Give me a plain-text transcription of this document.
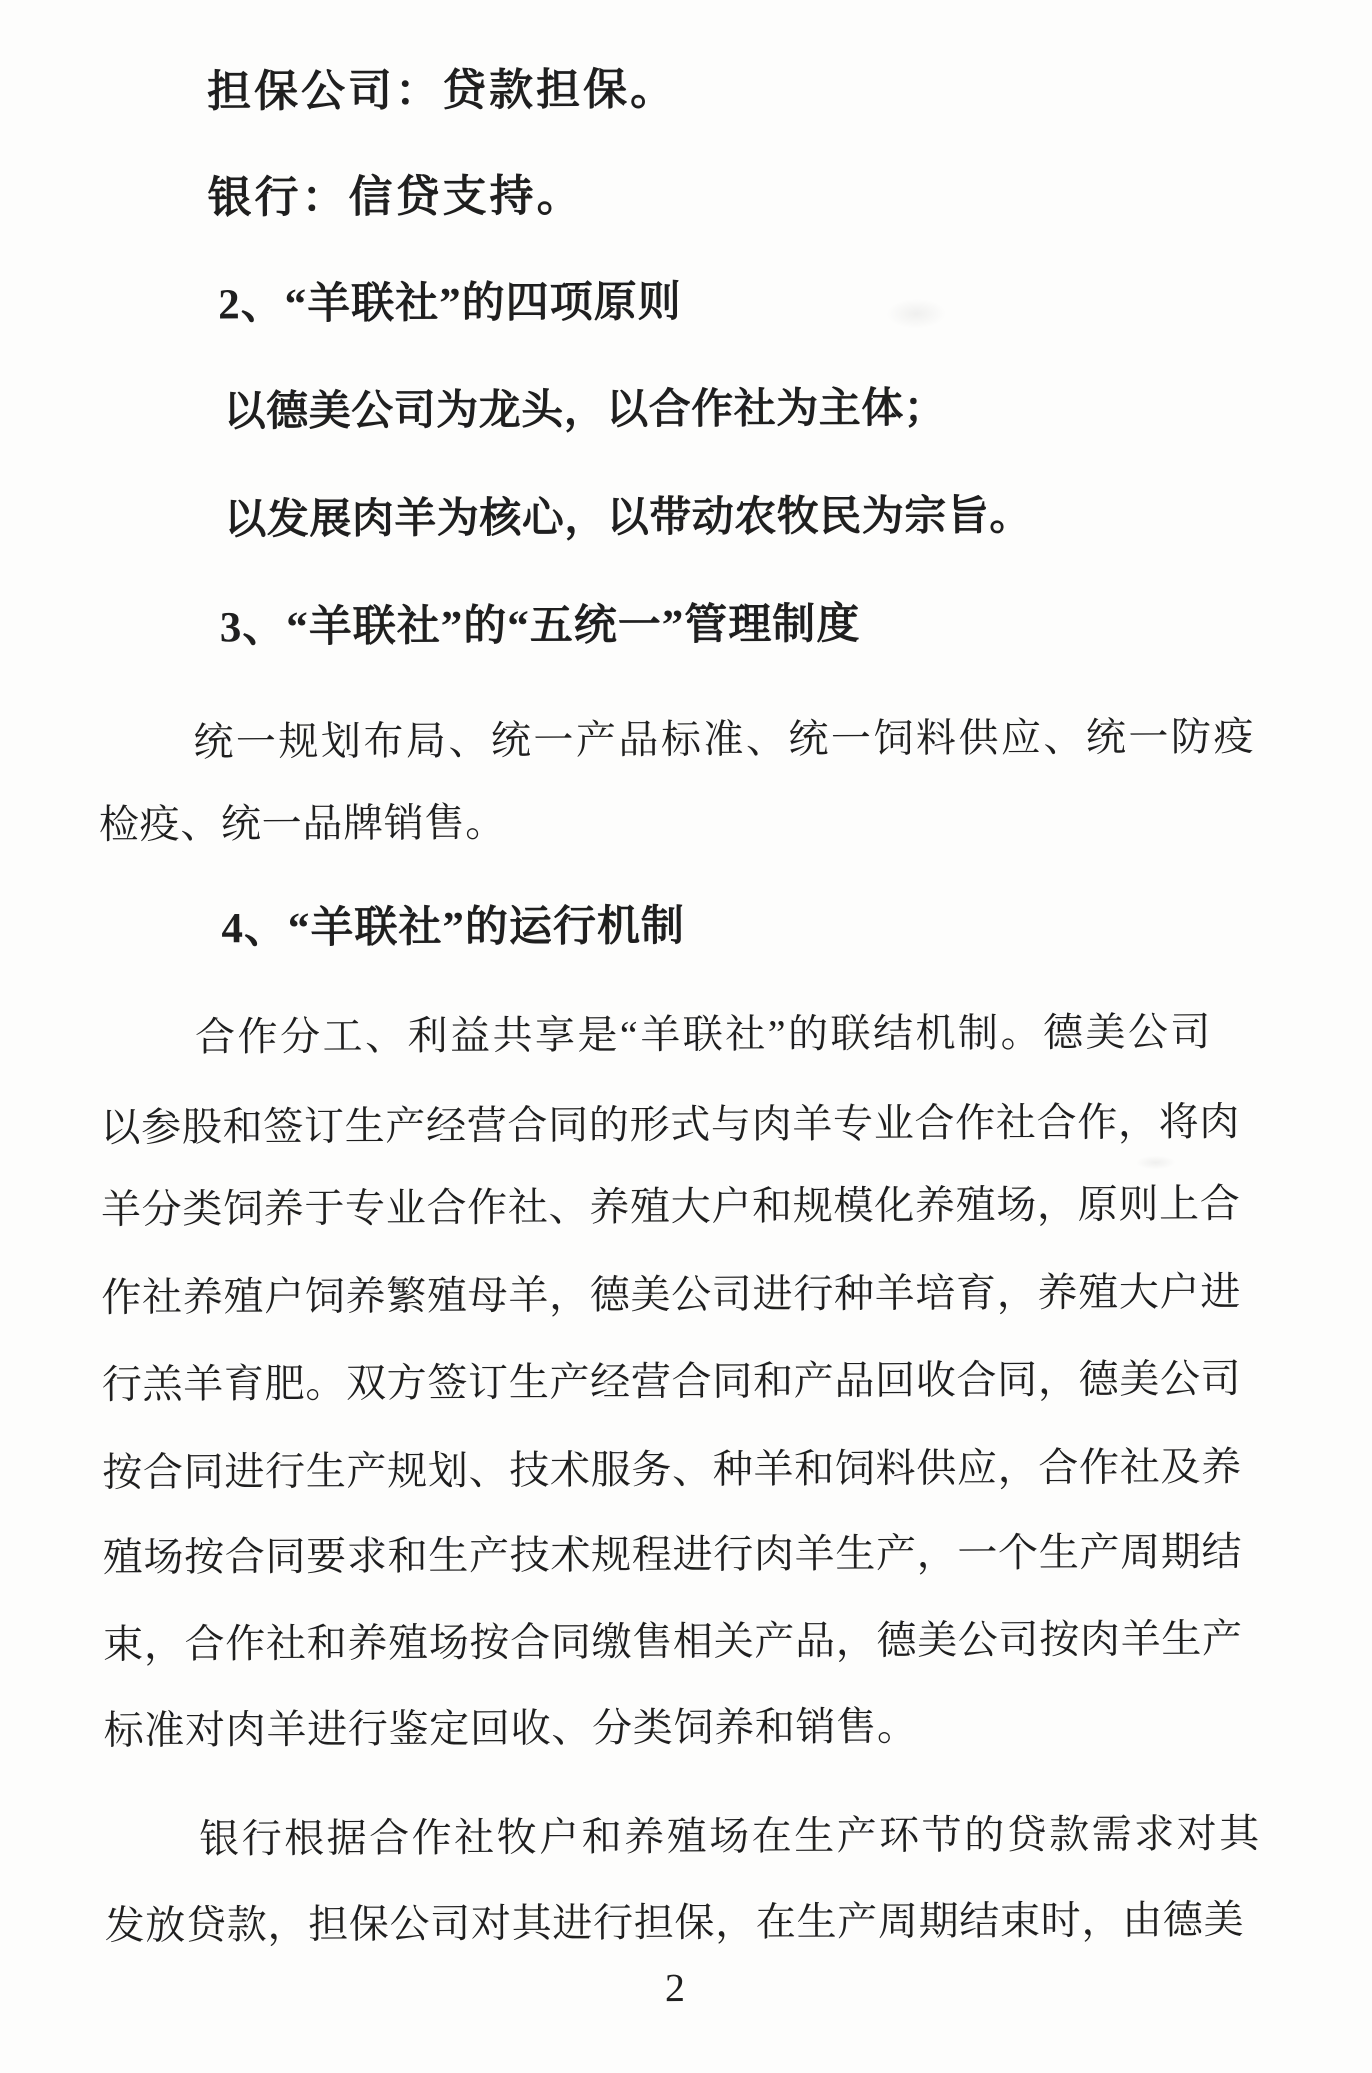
担保公司：贷款担保。
银行：信贷支持。
2、“羊联社”的四项原则
以德美公司为龙头，以合作社为主体；
以发展肉羊为核心，以带动农牧民为宗旨。
3、“羊联社”的“五统一”管理制度
统一规划布局、统一产品标准、统一饲料供应、统一防疫
检疫、统一品牌销售。
4、“羊联社”的运行机制
合作分工、利益共享是“羊联社”的联结机制。德美公司
以参股和签订生产经营合同的形式与肉羊专业合作社合作，将肉
羊分类饲养于专业合作社、养殖大户和规模化养殖场，原则上合
作社养殖户饲养繁殖母羊，德美公司进行种羊培育，养殖大户进
行羔羊育肥。双方签订生产经营合同和产品回收合同，德美公司
按合同进行生产规划、技术服务、种羊和饲料供应，合作社及养
殖场按合同要求和生产技术规程进行肉羊生产，一个生产周期结
束，合作社和养殖场按合同缴售相关产品，德美公司按肉羊生产
标准对肉羊进行鉴定回收、分类饲养和销售。
银行根据合作社牧户和养殖场在生产环节的贷款需求对其
发放贷款，担保公司对其进行担保，在生产周期结束时，由德美
2
